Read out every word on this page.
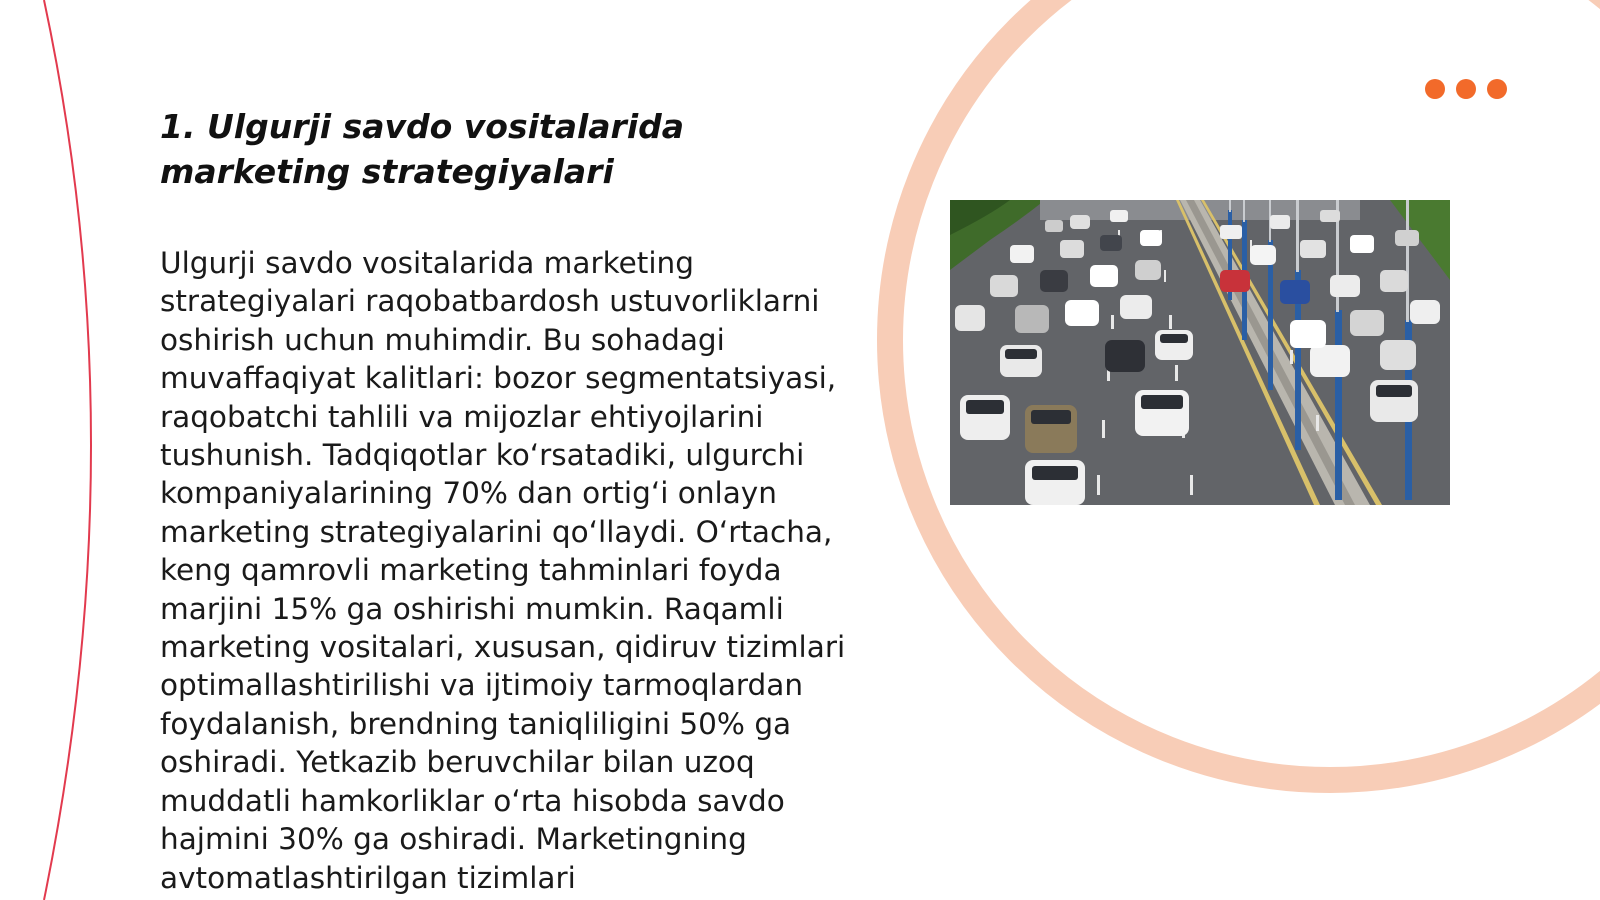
1. Ulgurji savdo vositalarida marketing strategiyalari

Ulgurji savdo vositalarida marketing strategiyalari raqobatbardosh ustuvorliklarni oshirish uchun muhimdir. Bu sohadagi muvaffaqiyat kalitlari: bozor segmentatsiyasi, raqobatchi tahlili va mijozlar ehtiyojlarini tushunish. Tadqiqotlar ko‘rsatadiki, ulgurchi kompaniyalarining 70% dan ortig‘i onlayn marketing strategiyalarini qo‘llaydi. O‘rtacha, keng qamrovli marketing tahminlari foyda marjini 15% ga oshirishi mumkin. Raqamli marketing vositalari, xususan, qidiruv tizimlari optimallashtirilishi va ijtimoiy tarmoqlardan foydalanish, brendning taniqliligini 50% ga oshiradi. Yetkazib beruvchilar bilan uzoq muddatli hamkorliklar o‘rta hisobda savdo hajmini 30% ga oshiradi. Marketingning avtomatlashtirilgan tizimlari
